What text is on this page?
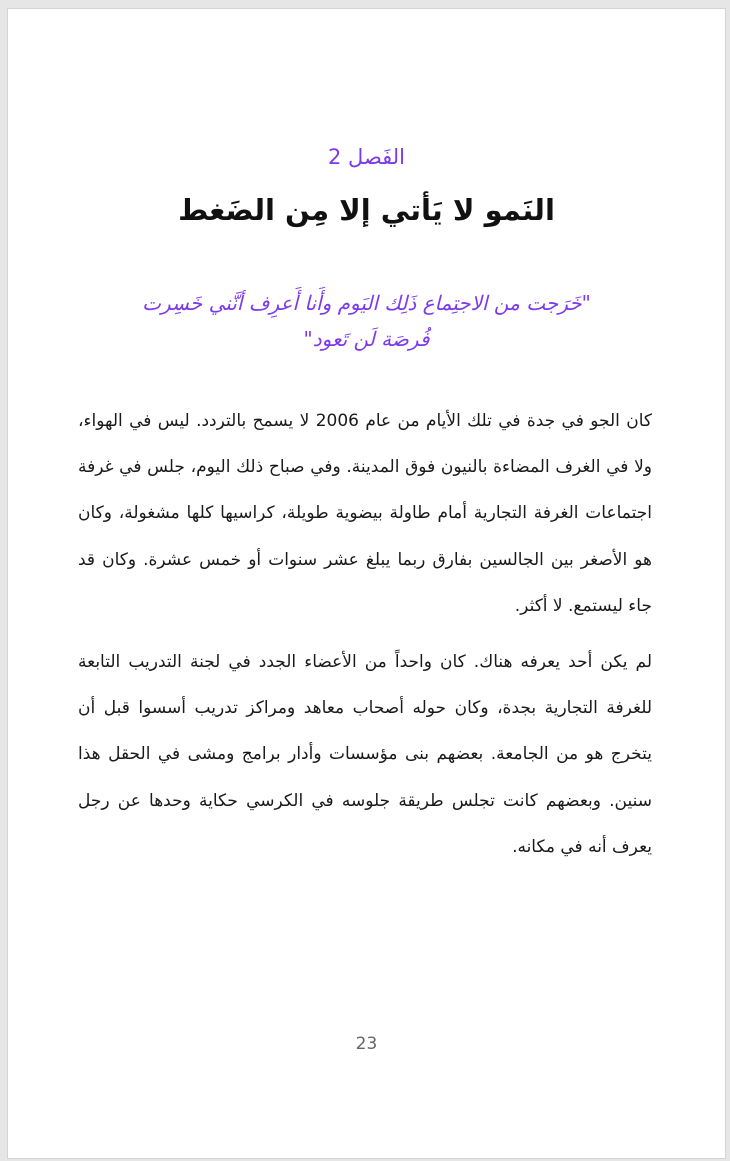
الفَصل 2
النَمو لا يَأتي إلا مِن الضَغط
"خَرَجت من الاجتِماع ذَلِك اليَوم وأَنا أَعرِف أنَّني خَسِرت فُرصَة لَن تَعود"

كان الجو في جدة في تلك الأيام من عام 2006 لا يسمح بالتردد. ليس في الهواء، ولا في الغرف المضاءة بالنيون فوق المدينة. وفي صباح ذلك اليوم، جلس في غرفة اجتماعات الغرفة التجارية أمام طاولة بيضوية طويلة، كراسيها كلها مشغولة، وكان هو الأصغر بين الجالسين بفارق ربما يبلغ عشر سنوات أو خمس عشرة. وكان قد جاء ليستمع. لا أكثر.

لم يكن أحد يعرفه هناك. كان واحداً من الأعضاء الجدد في لجنة التدريب التابعة للغرفة التجارية بجدة، وكان حوله أصحاب معاهد ومراكز تدريب أسسوا قبل أن يتخرج هو من الجامعة. بعضهم بنى مؤسسات وأدار برامج ومشى في الحقل هذا سنين. وبعضهم كانت تجلس طريقة جلوسه في الكرسي حكاية وحدها عن رجل يعرف أنه في مكانه.

23
